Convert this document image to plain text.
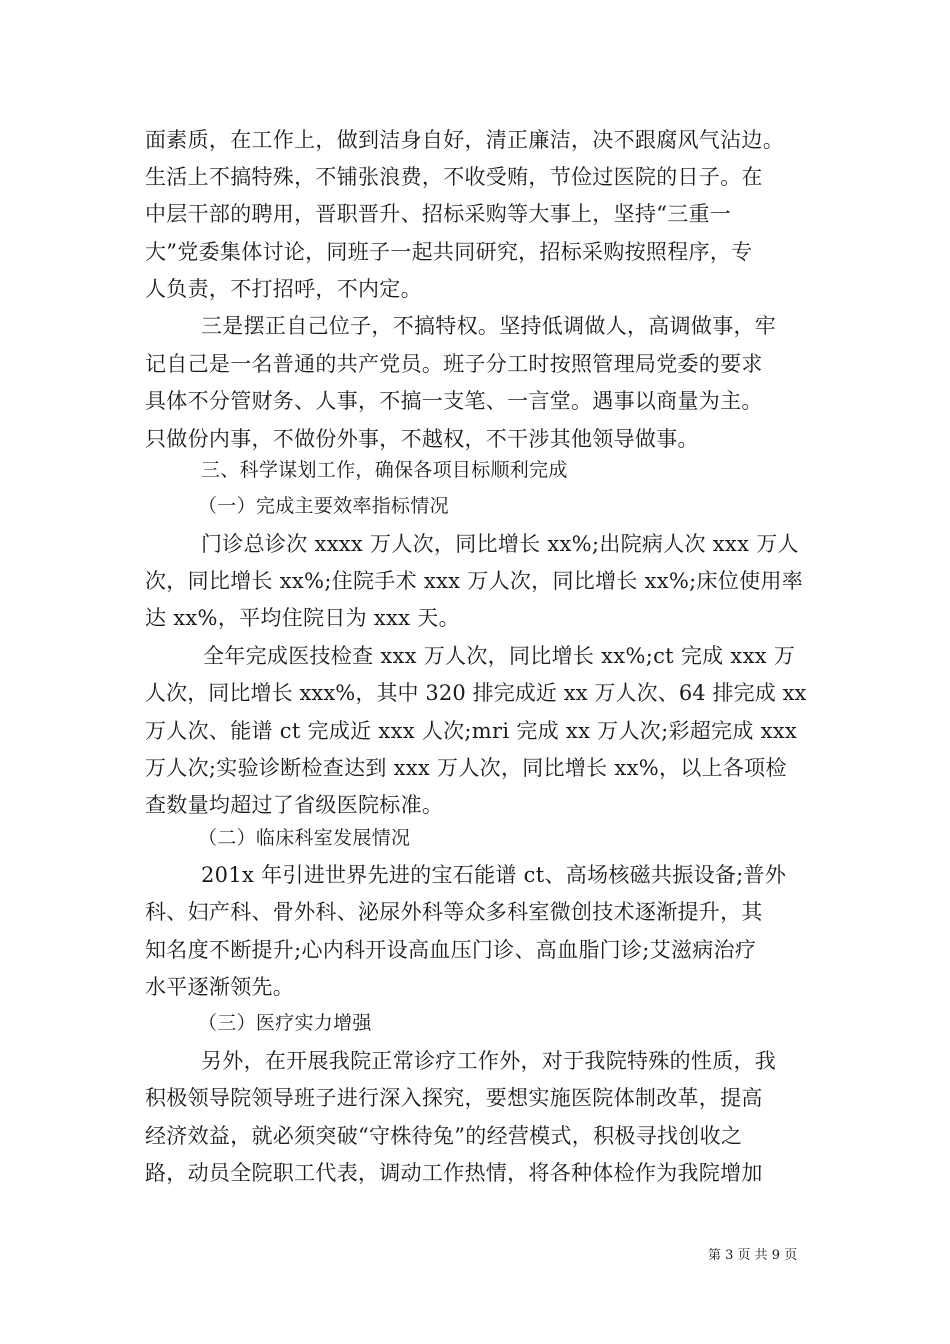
面素质，在工作上，做到洁身自好，清正廉洁，决不跟腐风气沾边。
生活上不搞特殊，不铺张浪费，不收受贿，节俭过医院的日子。在
中层干部的聘用，晋职晋升、招标采购等大事上，坚持“三重一
大”党委集体讨论，同班子一起共同研究，招标采购按照程序，专
人负责，不打招呼，不内定。
三是摆正自己位子，不搞特权。坚持低调做人，高调做事，牢
记自己是一名普通的共产党员。班子分工时按照管理局党委的要求
具体不分管财务、人事，不搞一支笔、一言堂。遇事以商量为主。
只做份内事，不做份外事，不越权，不干涉其他领导做事。
三、科学谋划工作，确保各项目标顺利完成
（一）完成主要效率指标情况
门诊总诊次 xxxx 万人次，同比增长 xx%;出院病人次 xxx 万人
次，同比增长 xx%;住院手术 xxx 万人次，同比增长 xx%;床位使用率
达 xx%，平均住院日为 xxx 天。
全年完成医技检查 xxx 万人次，同比增长 xx%;ct 完成 xxx 万
人次，同比增长 xxx%，其中 320 排完成近 xx 万人次、64 排完成 xx
万人次、能谱 ct 完成近 xxx 人次;mri 完成 xx 万人次;彩超完成 xxx
万人次;实验诊断检查达到 xxx 万人次，同比增长 xx%，以上各项检
查数量均超过了省级医院标准。
（二）临床科室发展情况
201x 年引进世界先进的宝石能谱 ct、高场核磁共振设备;普外
科、妇产科、骨外科、泌尿外科等众多科室微创技术逐渐提升，其
知名度不断提升;心内科开设高血压门诊、高血脂门诊;艾滋病治疗
水平逐渐领先。
（三）医疗实力增强
另外，在开展我院正常诊疗工作外，对于我院特殊的性质，我
积极领导院领导班子进行深入探究，要想实施医院体制改革，提高
经济效益，就必须突破“守株待兔”的经营模式，积极寻找创收之
路，动员全院职工代表，调动工作热情，将各种体检作为我院增加
第 3 页 共 9 页
